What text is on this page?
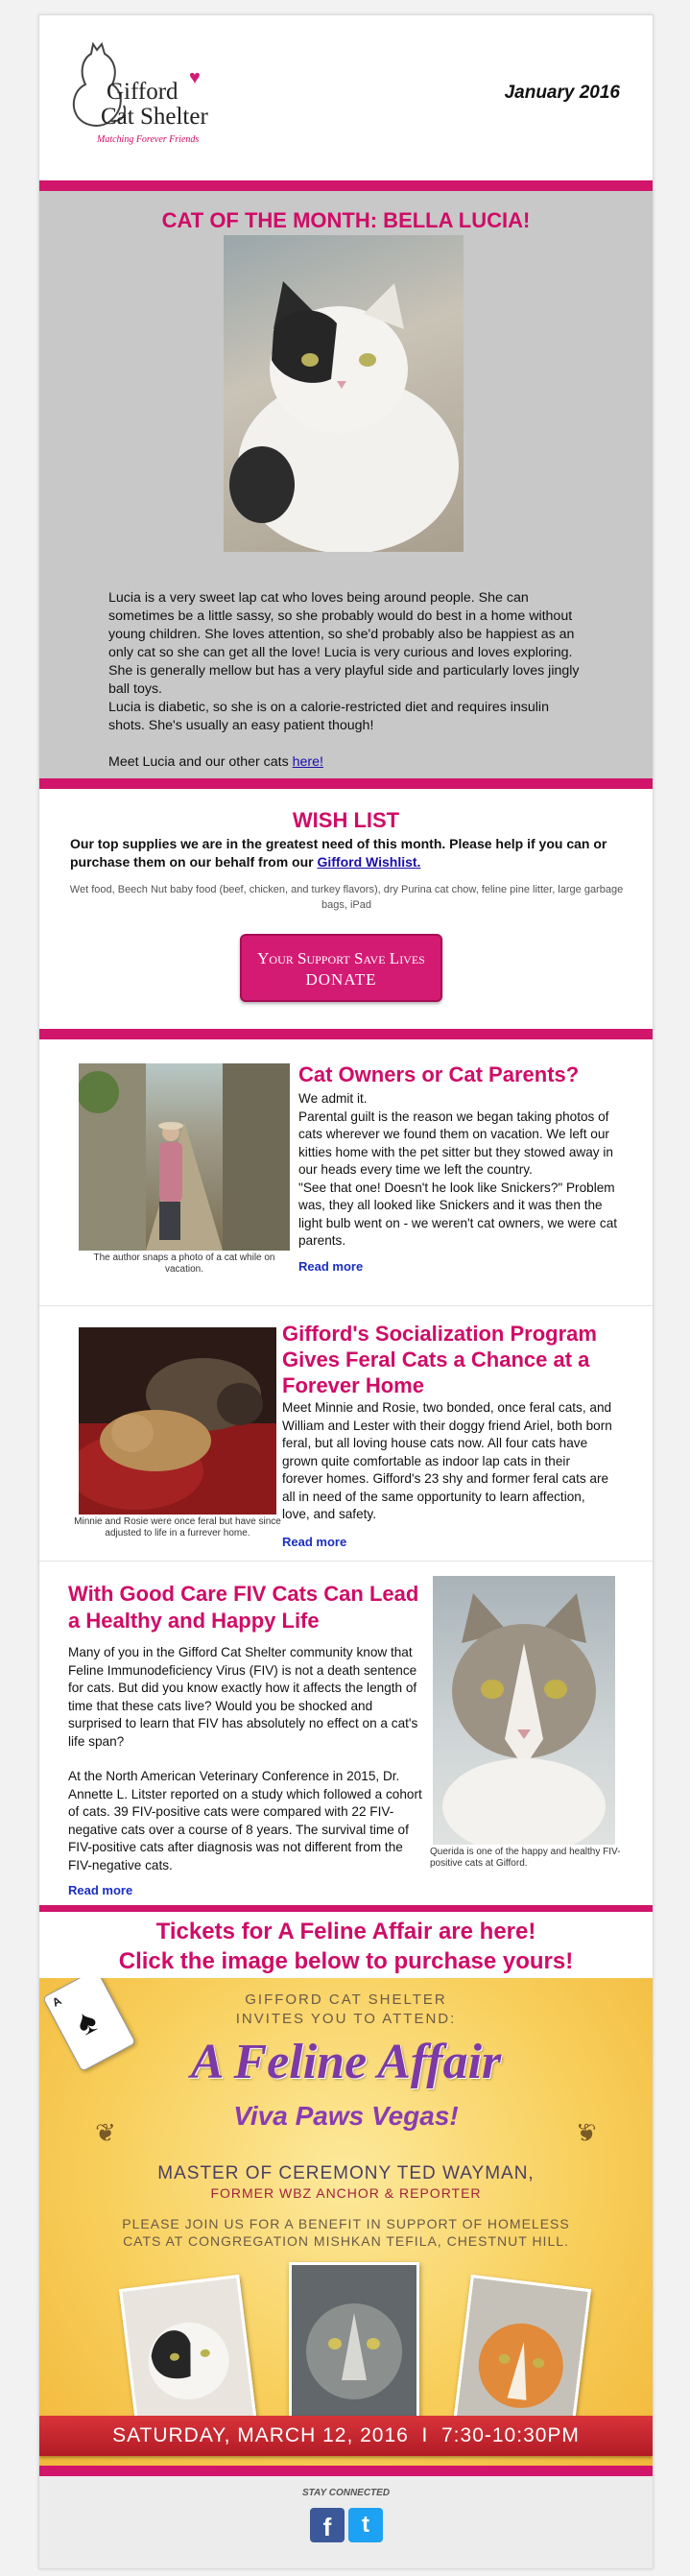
Gifford
Cat Shelter
♥
Matching Forever Friends
January 2016
CAT OF THE MONTH: BELLA LUCIA!

Lucia is a very sweet lap cat who loves being around people. She can sometimes be a little sassy, so she probably would do best in a home without young children. She loves attention, so she'd probably also be happiest as an only cat so she can get all the love! Lucia is very curious and loves exploring. She is generally mellow but has a very playful side and particularly loves jingly ball toys.

Lucia is diabetic, so she is on a calorie-restricted diet and requires insulin shots. She's usually an easy patient though!

Meet Lucia and our other cats here!

WISH LIST

Our top supplies we are in the greatest need of this month. Please help if you can or purchase them on our behalf from our Gifford Wishlist.

Wet food, Beech Nut baby food (beef, chicken, and turkey flavors), dry Purina cat chow, feline pine litter, large garbage bags, iPad

Your Support Save Lives
DONATE
The author snaps a photo of a cat while on vacation.
Cat Owners or Cat Parents?

We admit it.

Parental guilt is the reason we began taking photos of cats wherever we found them on vacation. We left our kitties home with the pet sitter but they stowed away in our heads every time we left the country.

"See that one! Doesn't he look like Snickers?" Problem was, they all looked like Snickers and it was then the light bulb went on - we weren't cat owners, we were cat parents.

Read more
Minnie and Rosie were once feral but have since adjusted to life in a furrever home.
Gifford's Socialization Program Gives Feral Cats a Chance at a Forever Home

Meet Minnie and Rosie, two bonded, once feral cats, and William and Lester with their doggy friend Ariel, both born feral, but all loving house cats now. All four cats have grown quite comfortable as indoor lap cats in their forever homes. Gifford's 23 shy and former feral cats are all in need of the same opportunity to learn affection, love, and safety.

Read more
With Good Care FIV Cats Can Lead a Healthy and Happy Life

Many of you in the Gifford Cat Shelter community know that Feline Immunodeficiency Virus (FIV) is not a death sentence for cats. But did you know exactly how it affects the length of time that these cats live? Would you be shocked and surprised to learn that FIV has absolutely no effect on a cat's life span?

At the North American Veterinary Conference in 2015, Dr. Annette L. Litster reported on a study which followed a cohort of cats. 39 FIV-positive cats were compared with 22 FIV-negative cats over a course of 8 years. The survival time of FIV-positive cats after diagnosis was not different from the FIV-negative cats.

Read more
Querida is one of the happy and healthy FIV-positive cats at Gifford.
Tickets for A Feline Affair are here!
Click the image below to purchase yours!
A ♠
GIFFORD CAT SHELTER
INVITES YOU TO ATTEND:
A Feline Affair
Viva Paws Vegas!
❦	❦
MASTER OF CEREMONY TED WAYMAN,
FORMER WBZ ANCHOR & REPORTER
PLEASE JOIN US FOR A BENEFIT IN SUPPORT OF HOMELESS
CATS AT CONGREGATION MISHKAN TEFILA, CHESTNUT HILL.
SATURDAY, MARCH 12, 2016  I  7:30-10:30PM
STAY CONNECTED
f	t
